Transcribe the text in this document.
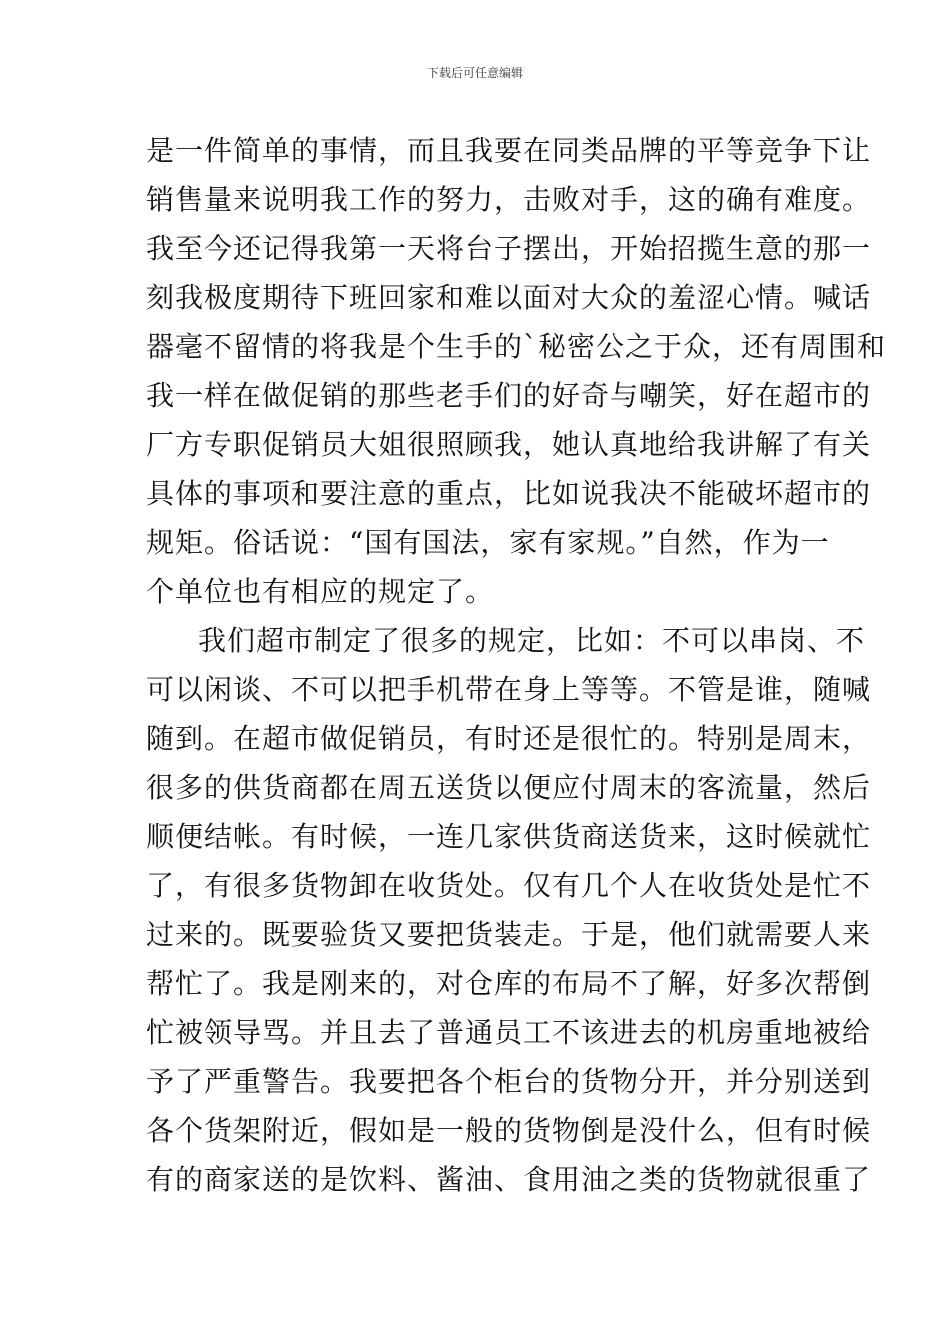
下载后可任意编辑
是一件简单的事情，而且我要在同类品牌的平等竞争下让
销售量来说明我工作的努力，击败对手，这的确有难度。
我至今还记得我第一天将台子摆出，开始招揽生意的那一
刻我极度期待下班回家和难以面对大众的羞涩心情。喊话
器毫不留情的将我是个生手的`秘密公之于众，还有周围和
我一样在做促销的那些老手们的好奇与嘲笑，好在超市的
厂方专职促销员大姐很照顾我，她认真地给我讲解了有关
具体的事项和要注意的重点，比如说我决不能破坏超市的
规矩。俗话说：“国有国法，家有家规。”自然，作为一
个单位也有相应的规定了。
我们超市制定了很多的规定，比如：不可以串岗、不
可以闲谈、不可以把手机带在身上等等。不管是谁，随喊
随到。在超市做促销员，有时还是很忙的。特别是周末，
很多的供货商都在周五送货以便应付周末的客流量，然后
顺便结帐。有时候，一连几家供货商送货来，这时候就忙
了，有很多货物卸在收货处。仅有几个人在收货处是忙不
过来的。既要验货又要把货装走。于是，他们就需要人来
帮忙了。我是刚来的，对仓库的布局不了解，好多次帮倒
忙被领导骂。并且去了普通员工不该进去的机房重地被给
予了严重警告。我要把各个柜台的货物分开，并分别送到
各个货架附近，假如是一般的货物倒是没什么，但有时候
有的商家送的是饮料、酱油、食用油之类的货物就很重了
